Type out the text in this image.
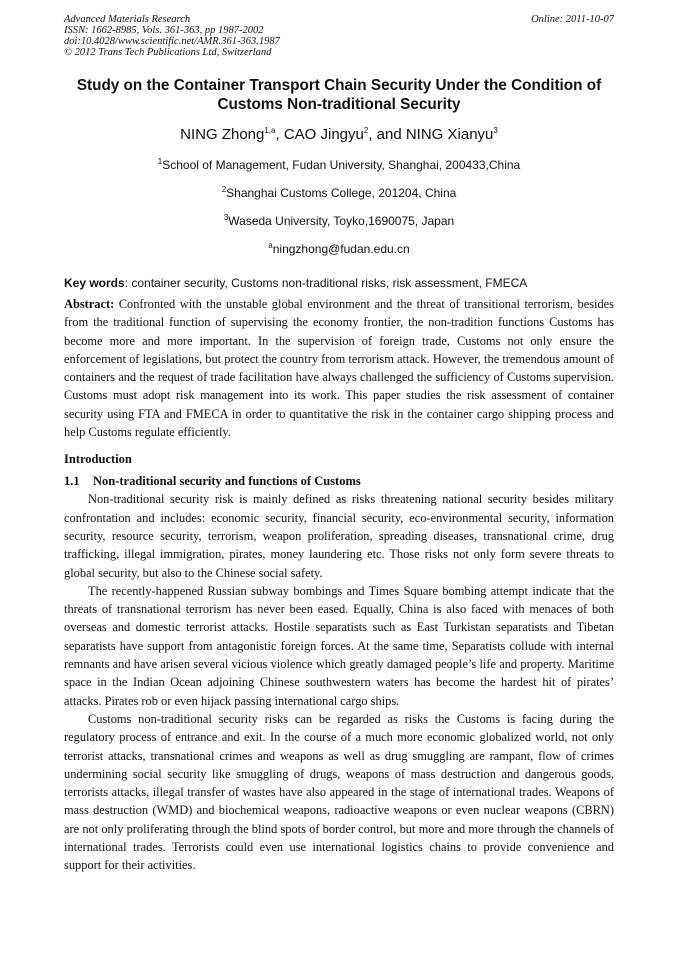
Advanced Materials Research
ISSN: 1662-8985, Vols. 361-363, pp 1987-2002
doi:10.4028/www.scientific.net/AMR.361-363.1987
© 2012 Trans Tech Publications Ltd, Switzerland
Online: 2011-10-07
Study on the Container Transport Chain Security Under the Condition of
Customs Non-traditional Security
NING Zhong$^{1,a}$, CAO Jingyu$^2$, and NING Xianyu$^3$
$^1$School of Management, Fudan University, Shanghai, 200433,China
$^2$Shanghai Customs College, 201204, China
$^3$Waseda University, Toyko,1690075, Japan
$^a$ningzhong@fudan.edu.cn
Key words: container security, Customs non-traditional risks, risk assessment, FMECA
Abstract: Confronted with the unstable global environment and the threat of transitional terrorism, besides from the traditional function of supervising the economy frontier, the non-tradition functions Customs has become more and more important. In the supervision of foreign trade, Customs not only ensure the enforcement of legislations, but protect the country from terrorism attack. However, the tremendous amount of containers and the request of trade facilitation have always challenged the sufficiency of Customs supervision. Customs must adopt risk management into its work. This paper studies the risk assessment of container security using FTA and FMECA in order to quantitative the risk in the container cargo shipping process and help Customs regulate efficiently.
Introduction
1.1 Non-traditional security and functions of Customs
Non-traditional security risk is mainly defined as risks threatening national security besides military confrontation and includes: economic security, financial security, eco-environmental security, information security, resource security, terrorism, weapon proliferation, spreading diseases, transnational crime, drug trafficking, illegal immigration, pirates, money laundering etc. Those risks not only form severe threats to global security, but also to the Chinese social safety.
The recently-happened Russian subway bombings and Times Square bombing attempt indicate that the threats of transnational terrorism has never been eased. Equally, China is also faced with menaces of both overseas and domestic terrorist attacks. Hostile separatists such as East Turkistan separatists and Tibetan separatists have support from antagonistic foreign forces. At the same time, Separatists collude with internal remnants and have arisen several vicious violence which greatly damaged people’s life and property. Maritime space in the Indian Ocean adjoining Chinese southwestern waters has become the hardest hit of pirates’ attacks. Pirates rob or even hijack passing international cargo ships.
Customs non-traditional security risks can be regarded as risks the Customs is facing during the regulatory process of entrance and exit. In the course of a much more economic globalized world, not only terrorist attacks, transnational crimes and weapons as well as drug smuggling are rampant, flow of crimes undermining social security like smuggling of drugs, weapons of mass destruction and dangerous goods, terrorists attacks, illegal transfer of wastes have also appeared in the stage of international trades. Weapons of mass destruction (WMD) and biochemical weapons, radioactive weapons or even nuclear weapons (CBRN) are not only proliferating through the blind spots of border control, but more and more through the channels of international trades. Terrorists could even use international logistics chains to provide convenience and support for their activities.
